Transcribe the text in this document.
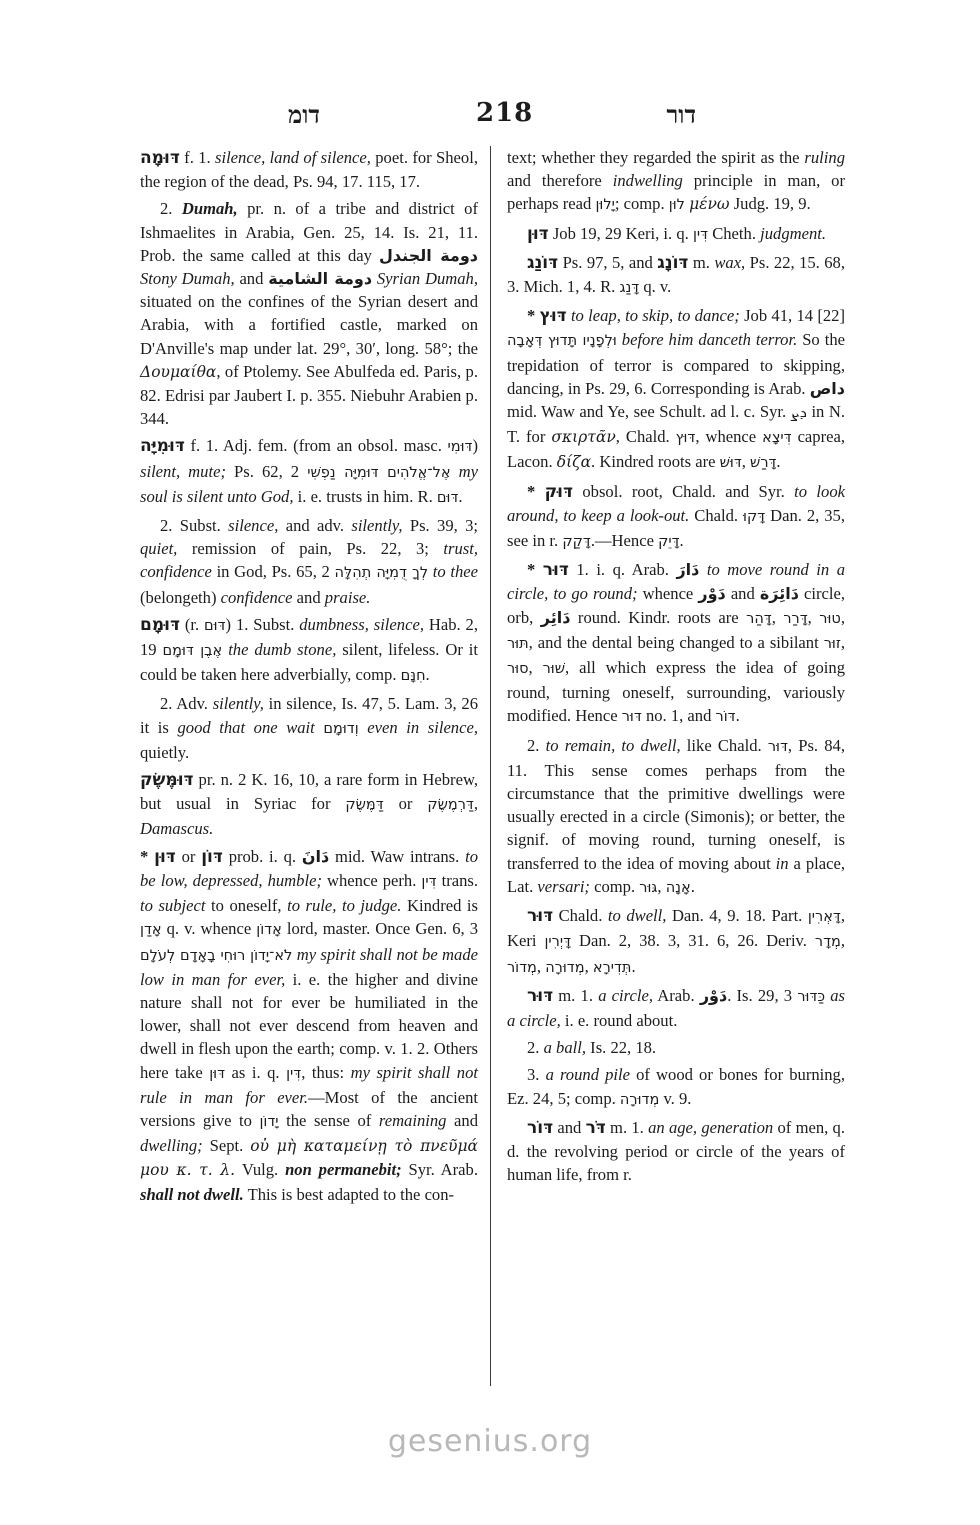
דומ	218	דור

דּוּמָה f. 1. silence, land of silence, poet. for Sheol, the region of the dead, Ps. 94, 17. 115, 17.

2. Dumah, pr. n. of a tribe and district of Ishmaelites in Arabia, Gen. 25, 14. Is. 21, 11. Prob. the same called at this day دومة الجندل Stony Dumah, and دومة الشامية Syrian Dumah, situated on the confines of the Syrian desert and Arabia, with a fortified castle, marked on D'Anville's map under lat. 29°, 30′, long. 58°; the Δουμαίθα, of Ptolemy. See Abulfeda ed. Paris, p. 82. Edrisi par Jaubert I. p. 355. Niebuhr Arabien p. 344.

דּוּמִיָּה f. 1. Adj. fem. (from an obsol. masc. דּוּמִי) silent, mute; Ps. 62, 2 אֶל־אֱלֹהִים דּוּמִיָּה נַפְשִׁי my soul is silent unto God, i. e. trusts in him. R. דּוּם.

2. Subst. silence, and adv. silently, Ps. 39, 3; quiet, remission of pain, Ps. 22, 3; trust, confidence in God, Ps. 65, 2 לְךָ דֻמִיָּה תְהִלָּה to thee (belongeth) confidence and praise.

דּוּמָם (r. דּוּם) 1. Subst. dumbness, silence, Hab. 2, 19 אֶבֶן דּוּמָם the dumb stone, silent, lifeless. Or it could be taken here adverbially, comp. חִנָּם.

2. Adv. silently, in silence, Is. 47, 5. Lam. 3, 26 it is good that one wait וְדוּמָם even in silence, quietly.

דּוּמֶּשֶׂק pr. n. 2 K. 16, 10, a rare form in Hebrew, but usual in Syriac for דַּמֶּשֶׂק or דַּרְמֶשֶׂק, Damascus.

* דּוּן or דּוֹן prob. i. q. دَانَ mid. Waw intrans. to be low, depressed, humble; whence perh. דִּין trans. to subject to oneself, to rule, to judge. Kindred is אָדַן q. v. whence אָדוֹן lord, master. Once Gen. 6, 3 לֹא־יָדוֹן רוּחִי בָאָדָם לְעֹלָם my spirit shall not be made low in man for ever, i. e. the higher and divine nature shall not for ever be humiliated in the lower, shall not ever descend from heaven and dwell in flesh upon the earth; comp. v. 1. 2. Others here take דּוּן as i. q. דִּין, thus: my spirit shall not rule in man for ever.—Most of the ancient versions give to יָדוֹן the sense of remaining and dwelling; Sept. οὐ μὴ καταμείνῃ τὸ πνεῦμά μου κ. τ. λ. Vulg. non permanebit; Syr. Arab. shall not dwell. This is best adapted to the con-

text; whether they regarded the spirit as the ruling and therefore indwelling principle in man, or perhaps read יָלוּן; comp. לוּן μένω Judg. 19, 9.

דּוּן Job 19, 29 Keri, i. q. דִּין Cheth. judgment.

דּוֹנַג Ps. 97, 5, and דּוֹנָג m. wax, Ps. 22, 15. 68, 3. Mich. 1, 4. R. דָּנַג q. v.

* דּוּץ to leap, to skip, to dance; Job 41, 14 [22] וּלְפָנָיו תָּדוּץ דְּאָבָה before him danceth terror. So the trepidation of terror is compared to skipping, dancing, in Ps. 29, 6. Corresponding is Arab. داص mid. Waw and Ye, see Schult. ad l. c. Syr. ܕܨ in N. T. for σκιρτᾶν, Chald. דּוּץ, whence דִּיצָא caprea, Lacon. δίζα. Kindred roots are דּוּשׁ, דָּרַשׁ.

* דּוּק obsol. root, Chald. and Syr. to look around, to keep a look-out. Chald. דָּקוּ Dan. 2, 35, see in r. דָּקַק.—Hence דָּיֵק.

* דּוּר 1. i. q. Arab. دَارَ to move round in a circle, to go round; whence دَوْر and دَائِرَة circle, orb, دَائِر round. Kindr. roots are דָּהַר, דָּרַר, טוּר, תּוּר, and the dental being changed to a sibilant זוּר, סוּר, שׁוּר, all which express the idea of going round, turning oneself, surrounding, variously modified. Hence דּוּר no. 1, and דּוֹר.

2. to remain, to dwell, like Chald. דּוּר, Ps. 84, 11. This sense comes perhaps from the circumstance that the primitive dwellings were usually erected in a circle (Simonis); or better, the signif. of moving round, turning oneself, is transferred to the idea of moving about in a place, Lat. versari; comp. גּוּר, אָנָה.

דּוּר Chald. to dwell, Dan. 4, 9. 18. Part. דָּאְרִין, Keri דָּיְרִין Dan. 2, 38. 3, 31. 6, 26. Deriv. מְדָר, מְדוֹר, מְדוּרָה, תְּדִירָא.

דּוּר m. 1. a circle, Arab. دَوْر. Is. 29, 3 כַּדּוּר as a circle, i. e. round about.

2. a ball, Is. 22, 18.

3. a round pile of wood or bones for burning, Ez. 24, 5; comp. מְדוּרָה v. 9.

דּוֹר and דֹּר m. 1. an age, generation of men, q. d. the revolving period or circle of the years of human life, from r.

gesenius.org
